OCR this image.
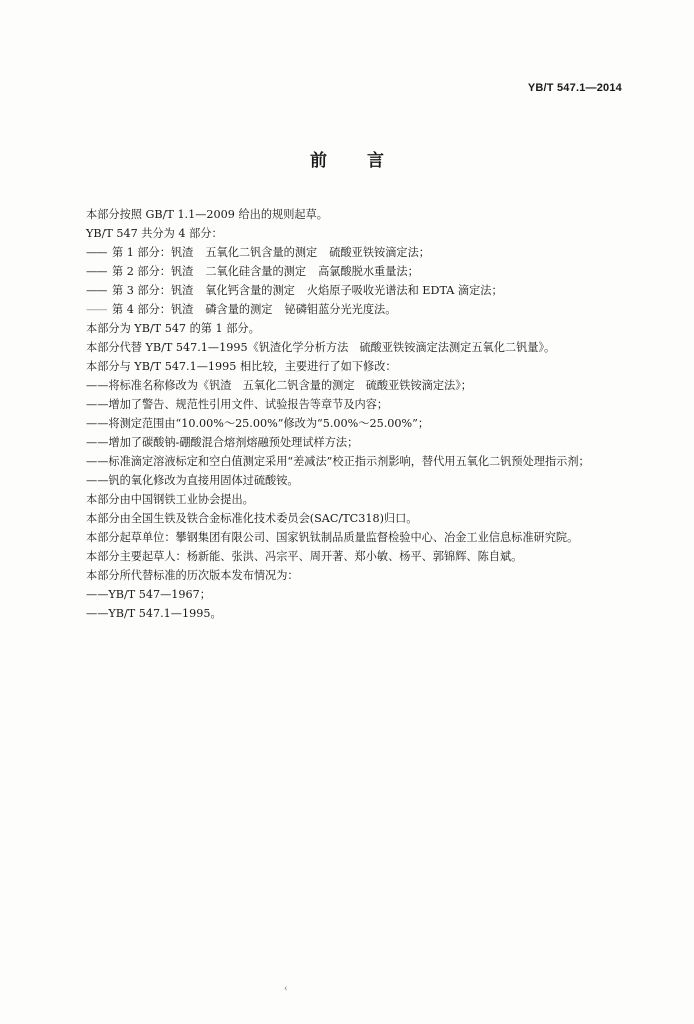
YB/T 547.1—2014
前言
本部分按照 GB/T 1.1—2009 给出的规则起草。
YB/T 547 共分为 4 部分：
—— 第 1 部分：钒渣 五氧化二钒含量的测定 硫酸亚铁铵滴定法；
—— 第 2 部分：钒渣 二氧化硅含量的测定 高氯酸脱水重量法；
—— 第 3 部分：钒渣 氧化钙含量的测定 火焰原子吸收光谱法和 EDTA 滴定法；
—— 第 4 部分：钒渣 磷含量的测定 铋磷钼蓝分光光度法。
本部分为 YB/T 547 的第 1 部分。
本部分代替 YB/T 547.1—1995《钒渣化学分析方法　硫酸亚铁铵滴定法测定五氧化二钒量》。
本部分与 YB/T 547.1—1995 相比较，主要进行了如下修改：
——将标准名称修改为《钒渣　五氧化二钒含量的测定　硫酸亚铁铵滴定法》；
——增加了警告、规范性引用文件、试验报告等章节及内容；
——将测定范围由“10.00%～25.00%”修改为“5.00%～25.00%”；
——增加了碳酸钠-硼酸混合熔剂熔融预处理试样方法；
——标准滴定溶液标定和空白值测定采用“差减法”校正指示剂影响，替代用五氧化二钒预处理指示剂；
——钒的氧化修改为直接用固体过硫酸铵。
本部分由中国钢铁工业协会提出。
本部分由全国生铁及铁合金标准化技术委员会(SAC/TC318)归口。
本部分起草单位：攀钢集团有限公司、国家钒钛制品质量监督检验中心、冶金工业信息标准研究院。
本部分主要起草人：杨新能、张洪、冯宗平、周开著、郑小敏、杨平、郭锦辉、陈自斌。
本部分所代替标准的历次版本发布情况为：
——YB/T 547—1967；
——YB/T 547.1—1995。
‹
